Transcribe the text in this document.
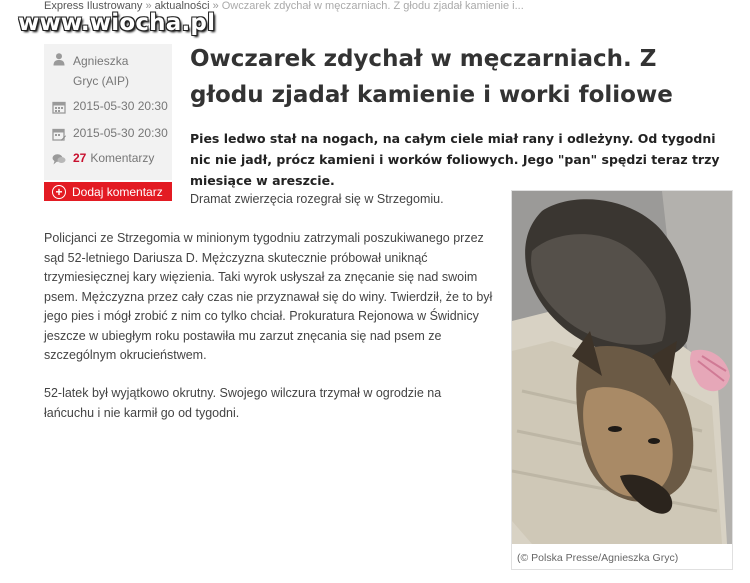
Express Ilustrowany » aktualności » Owczarek zdychał w męczarniach. Z głodu zjadał kamienie i...
www.wiocha.pl
Agnieszka Gryc (AIP)
2015-05-30 20:30
2015-05-30 20:30
27 Komentarzy
+ Dodaj komentarz
Owczarek zdychał w męczarniach. Z głodu zjadał kamienie i worki foliowe

Pies ledwo stał na nogach, na całym ciele miał rany i odleżyny. Od tygodni nic nie jadł, prócz kamieni i worków foliowych. Jego "pan" spędzi teraz trzy miesiące w areszcie.

Dramat zwierzęcia rozegrał się w Strzegomiu.

Policjanci ze Strzegomia w minionym tygodniu zatrzymali poszukiwanego przez sąd 52-letniego Dariusza D. Mężczyzna skutecznie próbował uniknąć trzymiesięcznej kary więzienia. Taki wyrok usłyszał za znęcanie się nad swoim psem. Mężczyzna przez cały czas nie przyznawał się do winy. Twierdził, że to był jego pies i mógł zrobić z nim co tylko chciał. Prokuratura Rejonowa w Świdnicy jeszcze w ubiegłym roku postawiła mu zarzut znęcania się nad psem ze szczególnym okrucieństwem.

52-latek był wyjątkowo okrutny. Swojego wilczura trzymał w ogrodzie na łańcuchu i nie karmił go od tygodni.

(© Polska Presse/Agnieszka Gryc)
